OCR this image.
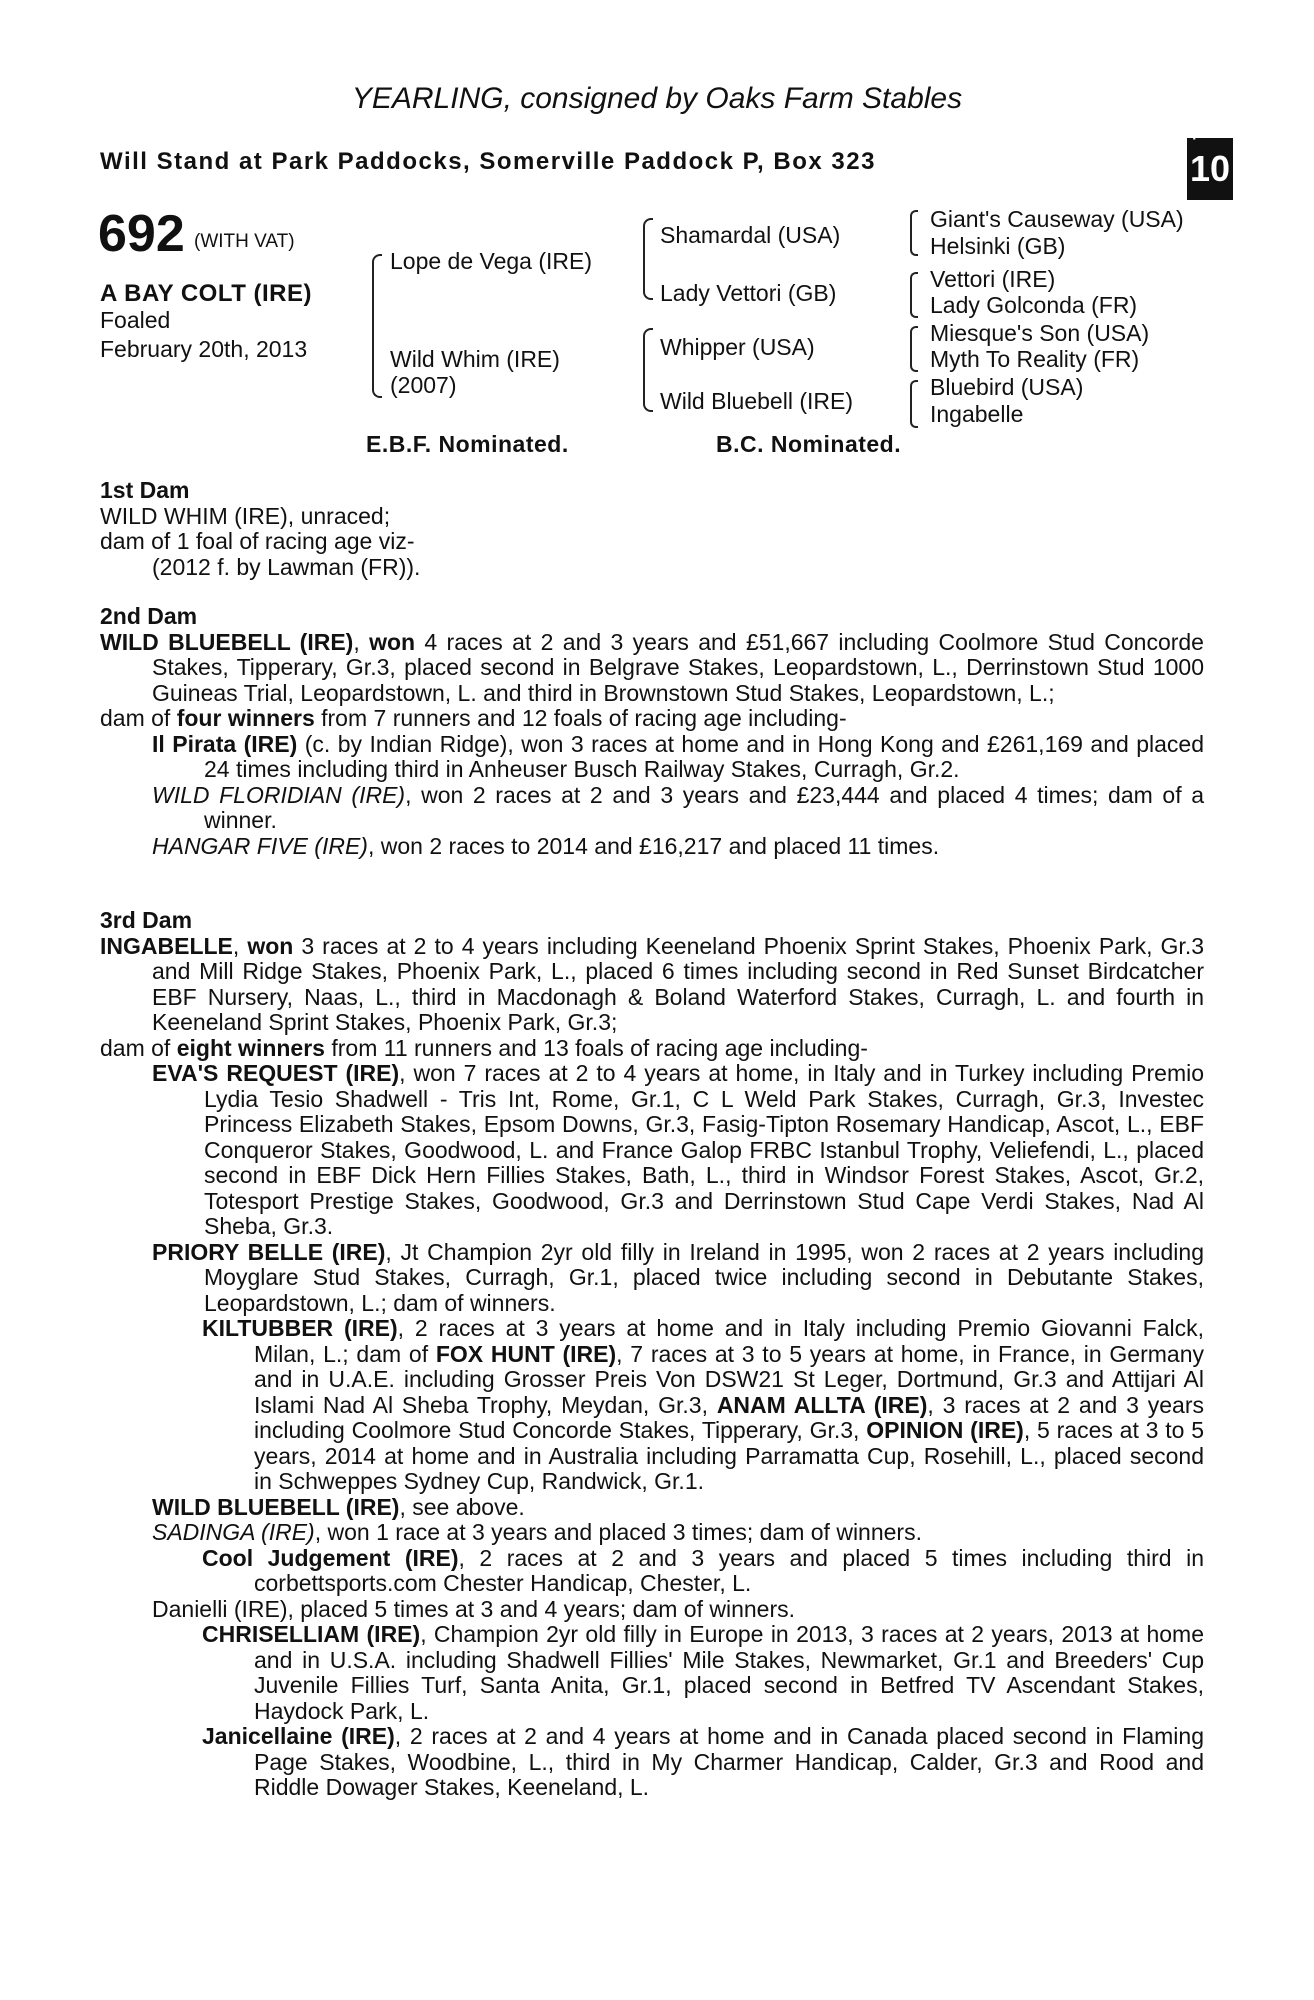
YEARLING, consigned by Oaks Farm Stables
Will Stand at Park Paddocks, Somerville Paddock P, Box 323
+
10
692 (WITH VAT)
A BAY COLT (IRE)
Foaled
February 20th, 2013
Lope de Vega (IRE)
Wild Whim (IRE)
(2007)
Shamardal (USA)
Lady Vettori (GB)
Whipper (USA)
Wild Bluebell (IRE)
Giant's Causeway (USA)
Helsinki (GB)
Vettori (IRE)
Lady Golconda (FR)
Miesque's Son (USA)
Myth To Reality (FR)
Bluebird (USA)
Ingabelle
E.B.F. Nominated.	B.C. Nominated.
1st Dam
WILD WHIM (IRE), unraced;
dam of 1 foal of racing age viz-
(2012 f. by Lawman (FR)).
2nd Dam
WILD BLUEBELL (IRE), won 4 races at 2 and 3 years and £51,667 including Coolmore Stud Concorde Stakes, Tipperary, Gr.3, placed second in Belgrave Stakes, Leopardstown, L., Derrinstown Stud 1000 Guineas Trial, Leopardstown, L. and third in Brownstown Stud Stakes, Leopardstown, L.;
dam of four winners from 7 runners and 12 foals of racing age including-
Il Pirata (IRE) (c. by Indian Ridge), won 3 races at home and in Hong Kong and £261,169 and placed 24 times including third in Anheuser Busch Railway Stakes, Curragh, Gr.2.
WILD FLORIDIAN (IRE), won 2 races at 2 and 3 years and £23,444 and placed 4 times; dam of a winner.
HANGAR FIVE (IRE), won 2 races to 2014 and £16,217 and placed 11 times.
3rd Dam
INGABELLE, won 3 races at 2 to 4 years including Keeneland Phoenix Sprint Stakes, Phoenix Park, Gr.3 and Mill Ridge Stakes, Phoenix Park, L., placed 6 times including second in Red Sunset Birdcatcher EBF Nursery, Naas, L., third in Macdonagh & Boland Waterford Stakes, Curragh, L. and fourth in Keeneland Sprint Stakes, Phoenix Park, Gr.3;
dam of eight winners from 11 runners and 13 foals of racing age including-
EVA'S REQUEST (IRE), won 7 races at 2 to 4 years at home, in Italy and in Turkey including Premio Lydia Tesio Shadwell - Tris Int, Rome, Gr.1, C L Weld Park Stakes, Curragh, Gr.3, Investec Princess Elizabeth Stakes, Epsom Downs, Gr.3, Fasig-Tipton Rosemary Handicap, Ascot, L., EBF Conqueror Stakes, Goodwood, L. and France Galop FRBC Istanbul Trophy, Veliefendi, L., placed second in EBF Dick Hern Fillies Stakes, Bath, L., third in Windsor Forest Stakes, Ascot, Gr.2, Totesport Prestige Stakes, Goodwood, Gr.3 and Derrinstown Stud Cape Verdi Stakes, Nad Al Sheba, Gr.3.
PRIORY BELLE (IRE), Jt Champion 2yr old filly in Ireland in 1995, won 2 races at 2 years including Moyglare Stud Stakes, Curragh, Gr.1, placed twice including second in Debutante Stakes, Leopardstown, L.; dam of winners.
KILTUBBER (IRE), 2 races at 3 years at home and in Italy including Premio Giovanni Falck, Milan, L.; dam of FOX HUNT (IRE), 7 races at 3 to 5 years at home, in France, in Germany and in U.A.E. including Grosser Preis Von DSW21 St Leger, Dortmund, Gr.3 and Attijari Al Islami Nad Al Sheba Trophy, Meydan, Gr.3, ANAM ALLTA (IRE), 3 races at 2 and 3 years including Coolmore Stud Concorde Stakes, Tipperary, Gr.3, OPINION (IRE), 5 races at 3 to 5 years, 2014 at home and in Australia including Parramatta Cup, Rosehill, L., placed second in Schweppes Sydney Cup, Randwick, Gr.1.
WILD BLUEBELL (IRE), see above.
SADINGA (IRE), won 1 race at 3 years and placed 3 times; dam of winners.
Cool Judgement (IRE), 2 races at 2 and 3 years and placed 5 times including third in corbettsports.com Chester Handicap, Chester, L.
Danielli (IRE), placed 5 times at 3 and 4 years; dam of winners.
CHRISELLIAM (IRE), Champion 2yr old filly in Europe in 2013, 3 races at 2 years, 2013 at home and in U.S.A. including Shadwell Fillies' Mile Stakes, Newmarket, Gr.1 and Breeders' Cup Juvenile Fillies Turf, Santa Anita, Gr.1, placed second in Betfred TV Ascendant Stakes, Haydock Park, L.
Janicellaine (IRE), 2 races at 2 and 4 years at home and in Canada placed second in Flaming Page Stakes, Woodbine, L., third in My Charmer Handicap, Calder, Gr.3 and Rood and Riddle Dowager Stakes, Keeneland, L.
